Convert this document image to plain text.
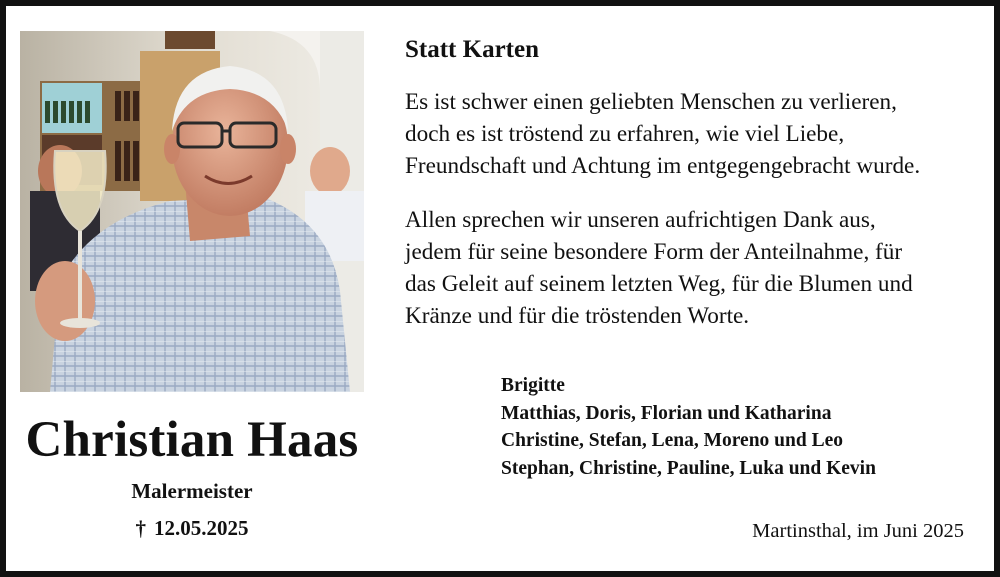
Christian Haas
Malermeister
† 12.05.2025
Statt Karten
Es ist schwer einen geliebten Menschen zu verlieren,
doch es ist tröstend zu erfahren, wie viel Liebe,
Freundschaft und Achtung im entgegengebracht wurde.
Allen sprechen wir unseren aufrichtigen Dank aus,
jedem für seine besondere Form der Anteilnahme, für
das Geleit auf seinem letzten Weg, für die Blumen und
Kränze und für die tröstenden Worte.
Brigitte
Matthias, Doris, Florian und Katharina
Christine, Stefan, Lena, Moreno und Leo
Stephan, Christine, Pauline, Luka und Kevin
Martinsthal, im Juni 2025
